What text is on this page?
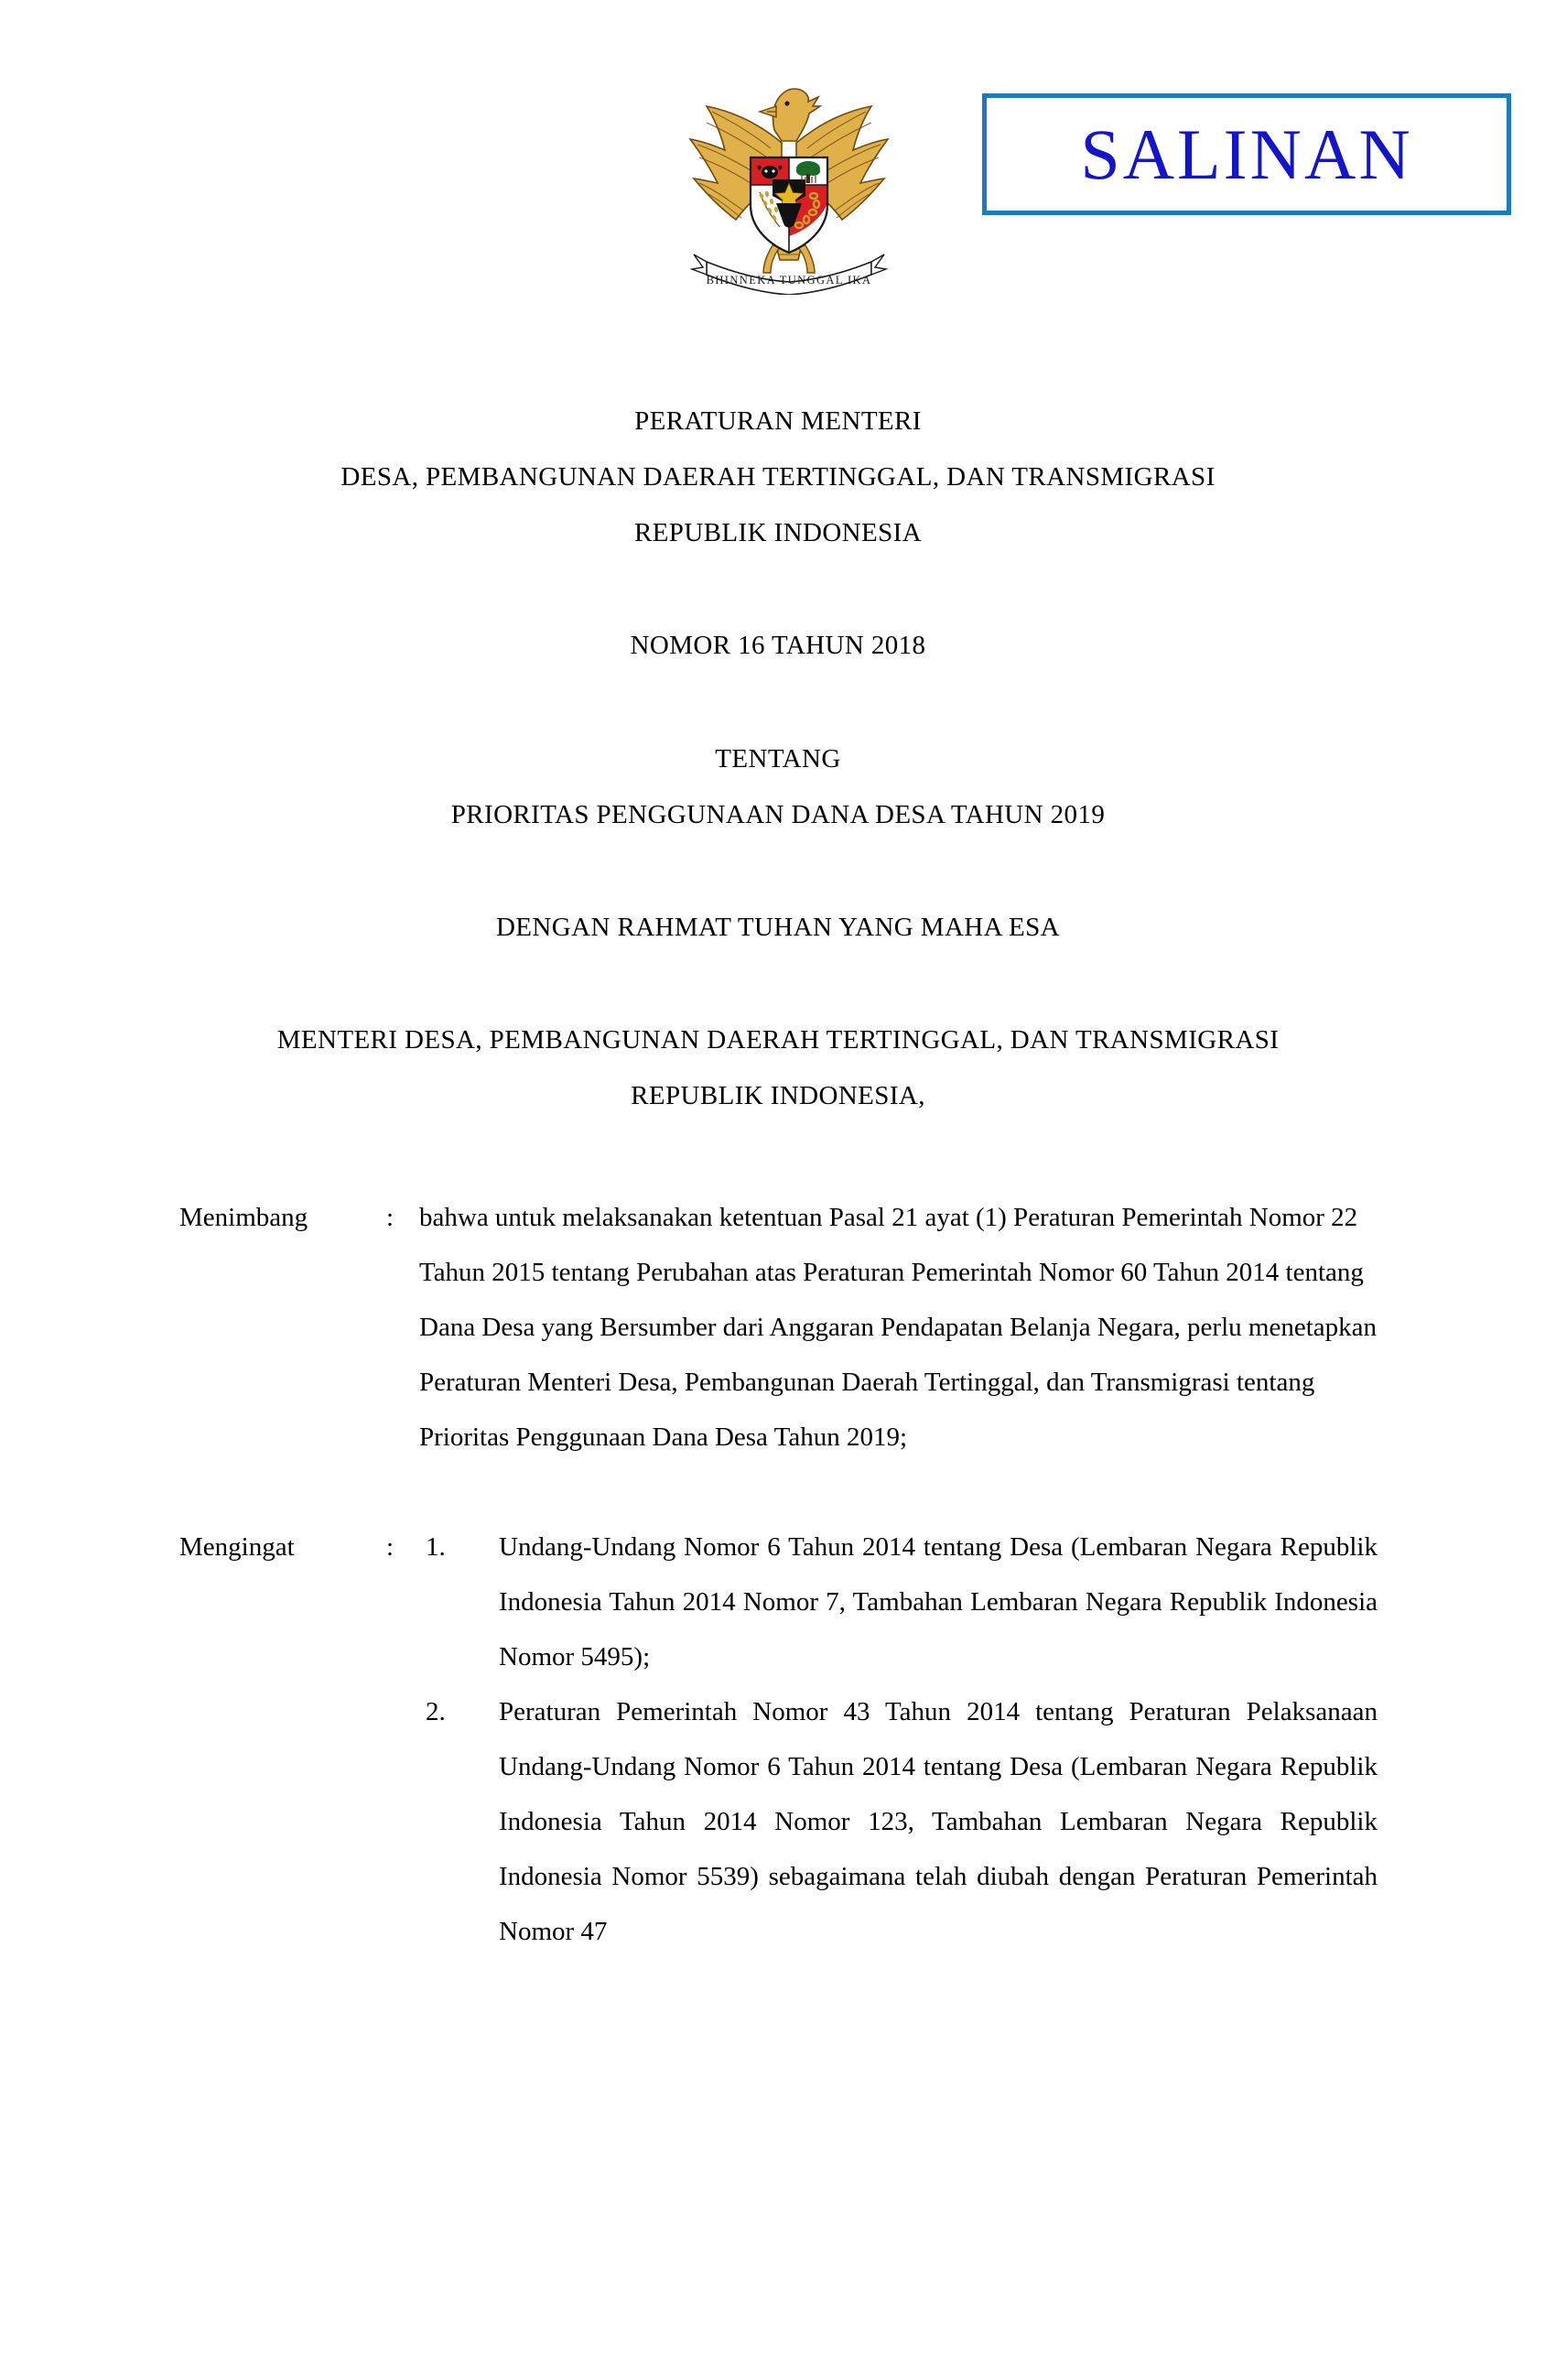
BHINNEKA TUNGGAL IKA
SALINAN
PERATURAN MENTERI
DESA, PEMBANGUNAN DAERAH TERTINGGAL, DAN TRANSMIGRASI
REPUBLIK INDONESIA
NOMOR 16 TAHUN 2018
TENTANG
PRIORITAS PENGGUNAAN DANA DESA TAHUN 2019
DENGAN RAHMAT TUHAN YANG MAHA ESA
MENTERI DESA, PEMBANGUNAN DAERAH TERTINGGAL, DAN TRANSMIGRASI
REPUBLIK INDONESIA,
Menimbang	: bahwa untuk melaksanakan ketentuan Pasal 21 ayat (1) Peraturan Pemerintah Nomor 22 Tahun 2015 tentang Perubahan atas Peraturan Pemerintah Nomor 60 Tahun 2014 tentang Dana Desa yang Bersumber dari Anggaran Pendapatan Belanja Negara, perlu menetapkan Peraturan Menteri Desa, Pembangunan Daerah Tertinggal, dan Transmigrasi tentang Prioritas Penggunaan Dana Desa Tahun 2019;

Mengingat	: 1.	Undang-Undang Nomor 6 Tahun 2014 tentang Desa (Lembaran Negara Republik Indonesia Tahun 2014 Nomor 7, Tambahan Lembaran Negara Republik Indonesia Nomor 5495);

2.	Peraturan Pemerintah Nomor 43 Tahun 2014 tentang Peraturan Pelaksanaan Undang-Undang Nomor 6 Tahun 2014 tentang Desa (Lembaran Negara Republik Indonesia Tahun 2014 Nomor 123, Tambahan Lembaran Negara Republik Indonesia Nomor 5539) sebagaimana telah diubah dengan Peraturan Pemerintah Nomor 47
